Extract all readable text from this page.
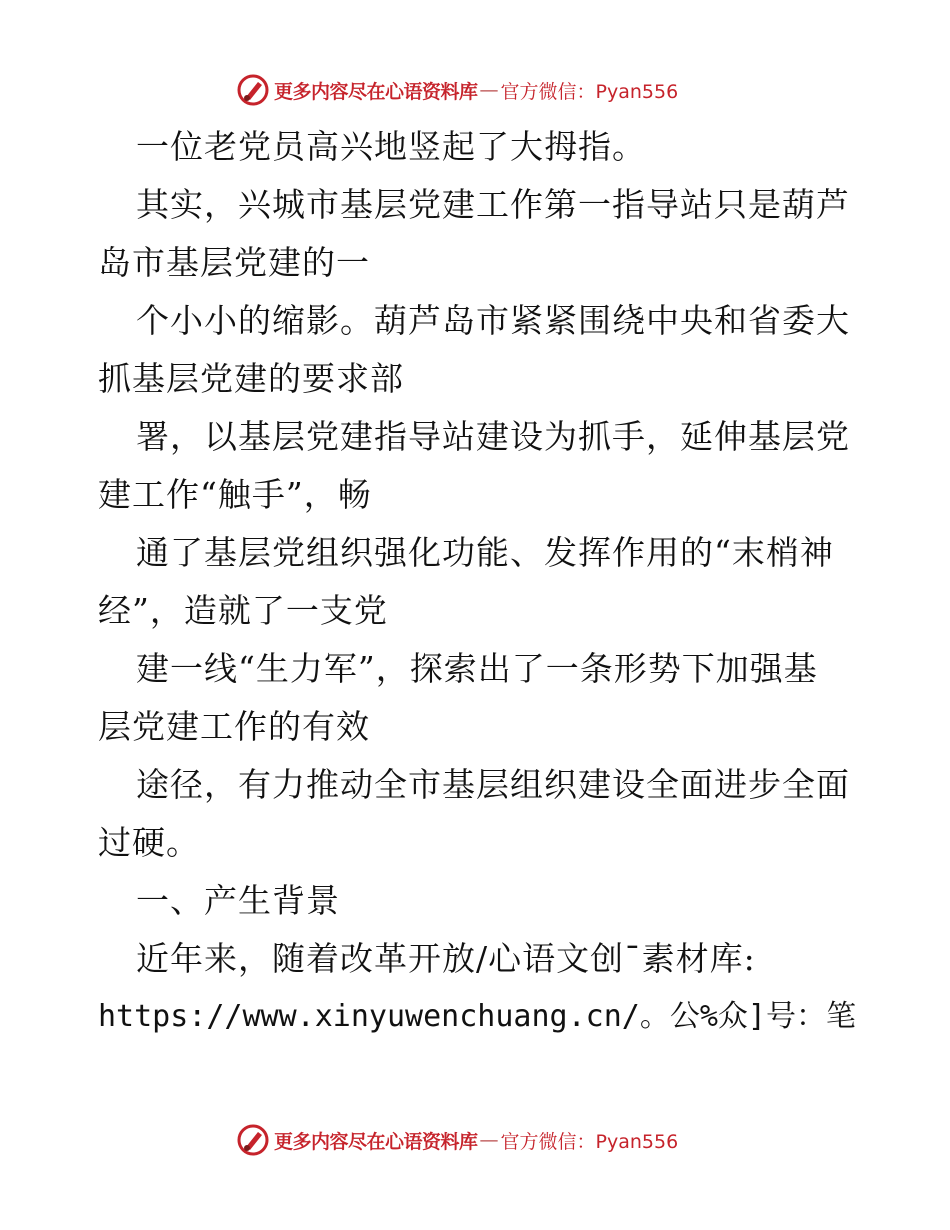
更多内容尽在心语资料库 — 官方微信：Pyan556

一位老党员高兴地竖起了大拇指。

其实，兴城市基层党建工作第一指导站只是葫芦

岛市基层党建的一

个小小的缩影。葫芦岛市紧紧围绕中央和省委大

抓基层党建的要求部

署，以基层党建指导站建设为抓手，延伸基层党

建工作“触手”，畅

通了基层党组织强化功能、发挥作用的“末梢神

经”，造就了一支党

建一线“生力军”，探索出了一条形势下加强基

层党建工作的有效

途径，有力推动全市基层组织建设全面进步全面

过硬。

一、产生背景

近年来，随着改革开放/心语文创¯素材库:

https://www.xinyuwenchuang.cn/。公%众]号：笔

更多内容尽在心语资料库 — 官方微信：Pyan556
